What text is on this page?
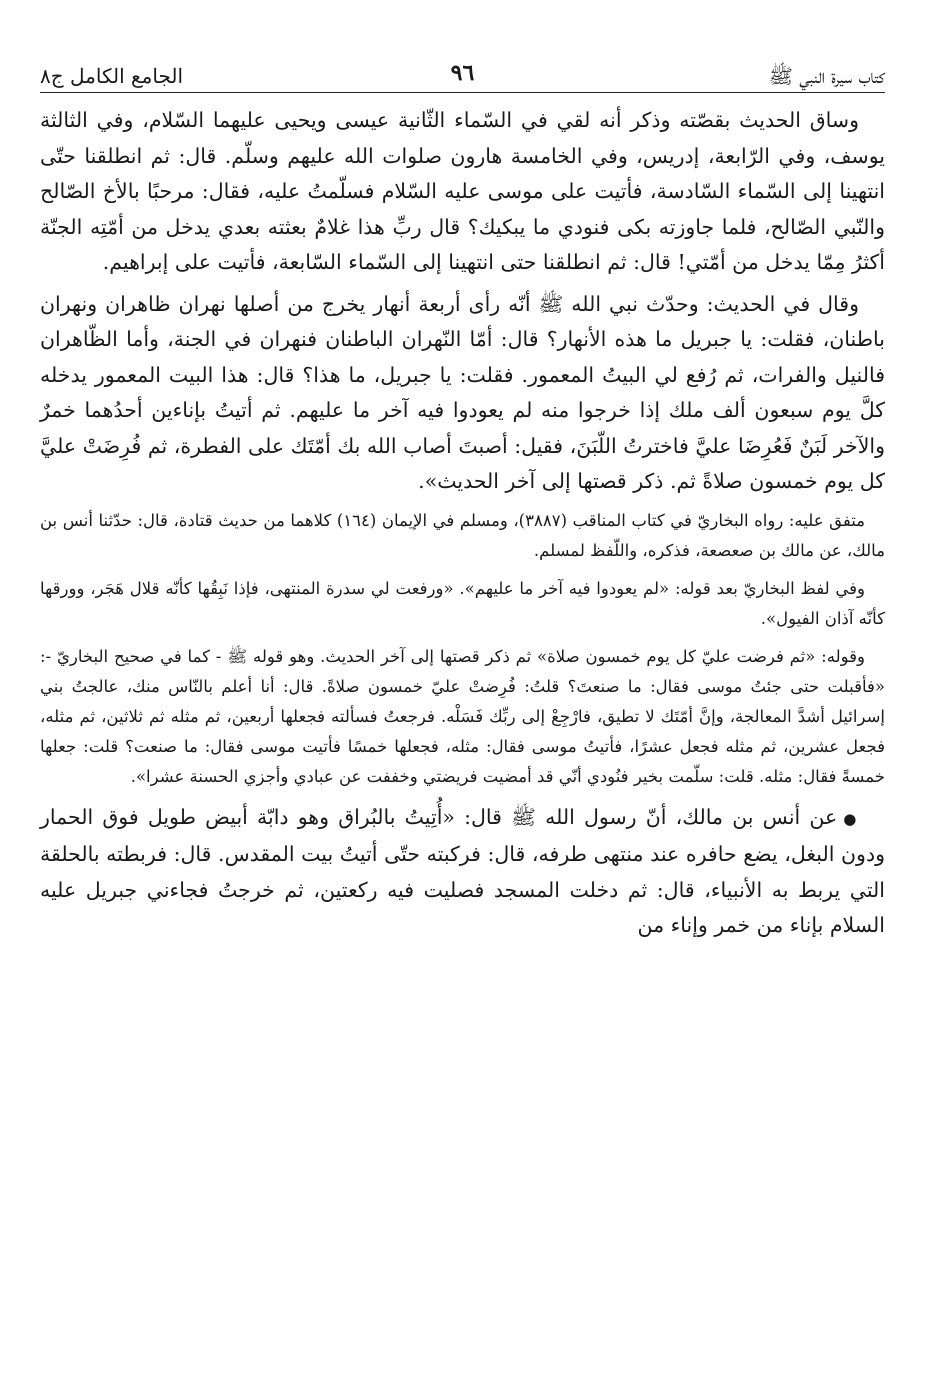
كتاب سيرة النبي ﷺ
٩٦
الجامع الكامل ج٨

وساق الحديث بقصّته وذكر أنه لقي في السّماء الثّانية عيسى ويحيى عليهما السّلام، وفي الثالثة يوسف، وفي الرّابعة، إدريس، وفي الخامسة هارون صلوات الله عليهم وسلّم. قال: ثم انطلقنا حتّى انتهينا إلى السّماء السّادسة، فأتيت على موسى عليه السّلام فسلّمتُ عليه، فقال: مرحبًا بالأخ الصّالح والنّبي الصّالح، فلما جاوزته بكى فنودي ما يبكيك؟ قال ربِّ هذا غلامٌ بعثته بعدي يدخل من أمّتِه الجنّة أكثرُ مِمّا يدخل من أمّتي! قال: ثم انطلقنا حتى انتهينا إلى السّماء السّابعة، فأتيت على إبراهيم.

وقال في الحديث: وحدّث نبي الله ﷺ أنّه رأى أربعة أنهار يخرج من أصلها نهران ظاهران ونهران باطنان، فقلت: يا جبريل ما هذه الأنهار؟ قال: أمّا النّهران الباطنان فنهران في الجنة، وأما الظّاهران فالنيل والفرات، ثم رُفع لي البيتُ المعمور. فقلت: يا جبريل، ما هذا؟ قال: هذا البيت المعمور يدخله كلَّ يوم سبعون ألف ملك إذا خرجوا منه لم يعودوا فيه آخر ما عليهم. ثم أتيتُ بإناءين أحدُهما خمرٌ والآخر لَبَنٌ فَعُرِضَا عليَّ فاخترتُ اللّبَنَ، فقيل: أصبتَ أصاب الله بك أمّتَك على الفطرة، ثم فُرِضَتْ عليَّ كل يوم خمسون صلاةً ثم. ذكر قصتها إلى آخر الحديث».

متفق عليه: رواه البخاريّ في كتاب المناقب (٣٨٨٧)، ومسلم في الإيمان (١٦٤) كلاهما من حديث قتادة، قال: حدّثنا أنس بن مالك، عن مالك بن صعصعة، فذكره، واللّفظ لمسلم.

وفي لفظ البخاريّ بعد قوله: «لم يعودوا فيه آخر ما عليهم». «ورفعت لي سدرة المنتهى، فإذا نَبِقُها كأنّه قلال هَجَر، وورقها كأنّه آذان الفيول».

وقوله: «ثم فرضت عليّ كل يوم خمسون صلاة» ثم ذكر قصتها إلى آخر الحديث. وهو قوله ﷺ - كما في صحيح البخاريّ -: «فأقبلت حتى جئتُ موسى فقال: ما صنعتَ؟ قلتُ: فُرِضتْ عليّ خمسون صلاةً. قال: أنا أعلم بالنّاس منك، عالجتُ بني إسرائيل أشدَّ المعالجة، وإنَّ أمّتَك لا تطيق، فارْجِعْ إلى ربِّك فَسَلْه. فرجعتُ فسألته فجعلها أربعين، ثم مثله ثم ثلاثين، ثم مثله، فجعل عشرين، ثم مثله فجعل عشرًا، فأتيتُ موسى فقال: مثله، فجعلها خمسًا فأتيت موسى فقال: ما صنعت؟ قلت: جعلها خمسةً فقال: مثله. قلت: سلّمت بخير فنُودي أنّي قد أمضيت فريضتي وخففت عن عبادي وأجزي الحسنة عشرا».

●عن أنس بن مالك، أنّ رسول الله ﷺ قال: «أُتِيتُ بالبُراق وهو دابّة أبيض طويل فوق الحمار ودون البغل، يضع حافره عند منتهى طرفه، قال: فركبته حتّى أتيتُ بيت المقدس. قال: فربطته بالحلقة التي يربط به الأنبياء، قال: ثم دخلت المسجد فصليت فيه ركعتين، ثم خرجتُ فجاءني جبريل عليه السلام بإناء من خمر وإناء من
